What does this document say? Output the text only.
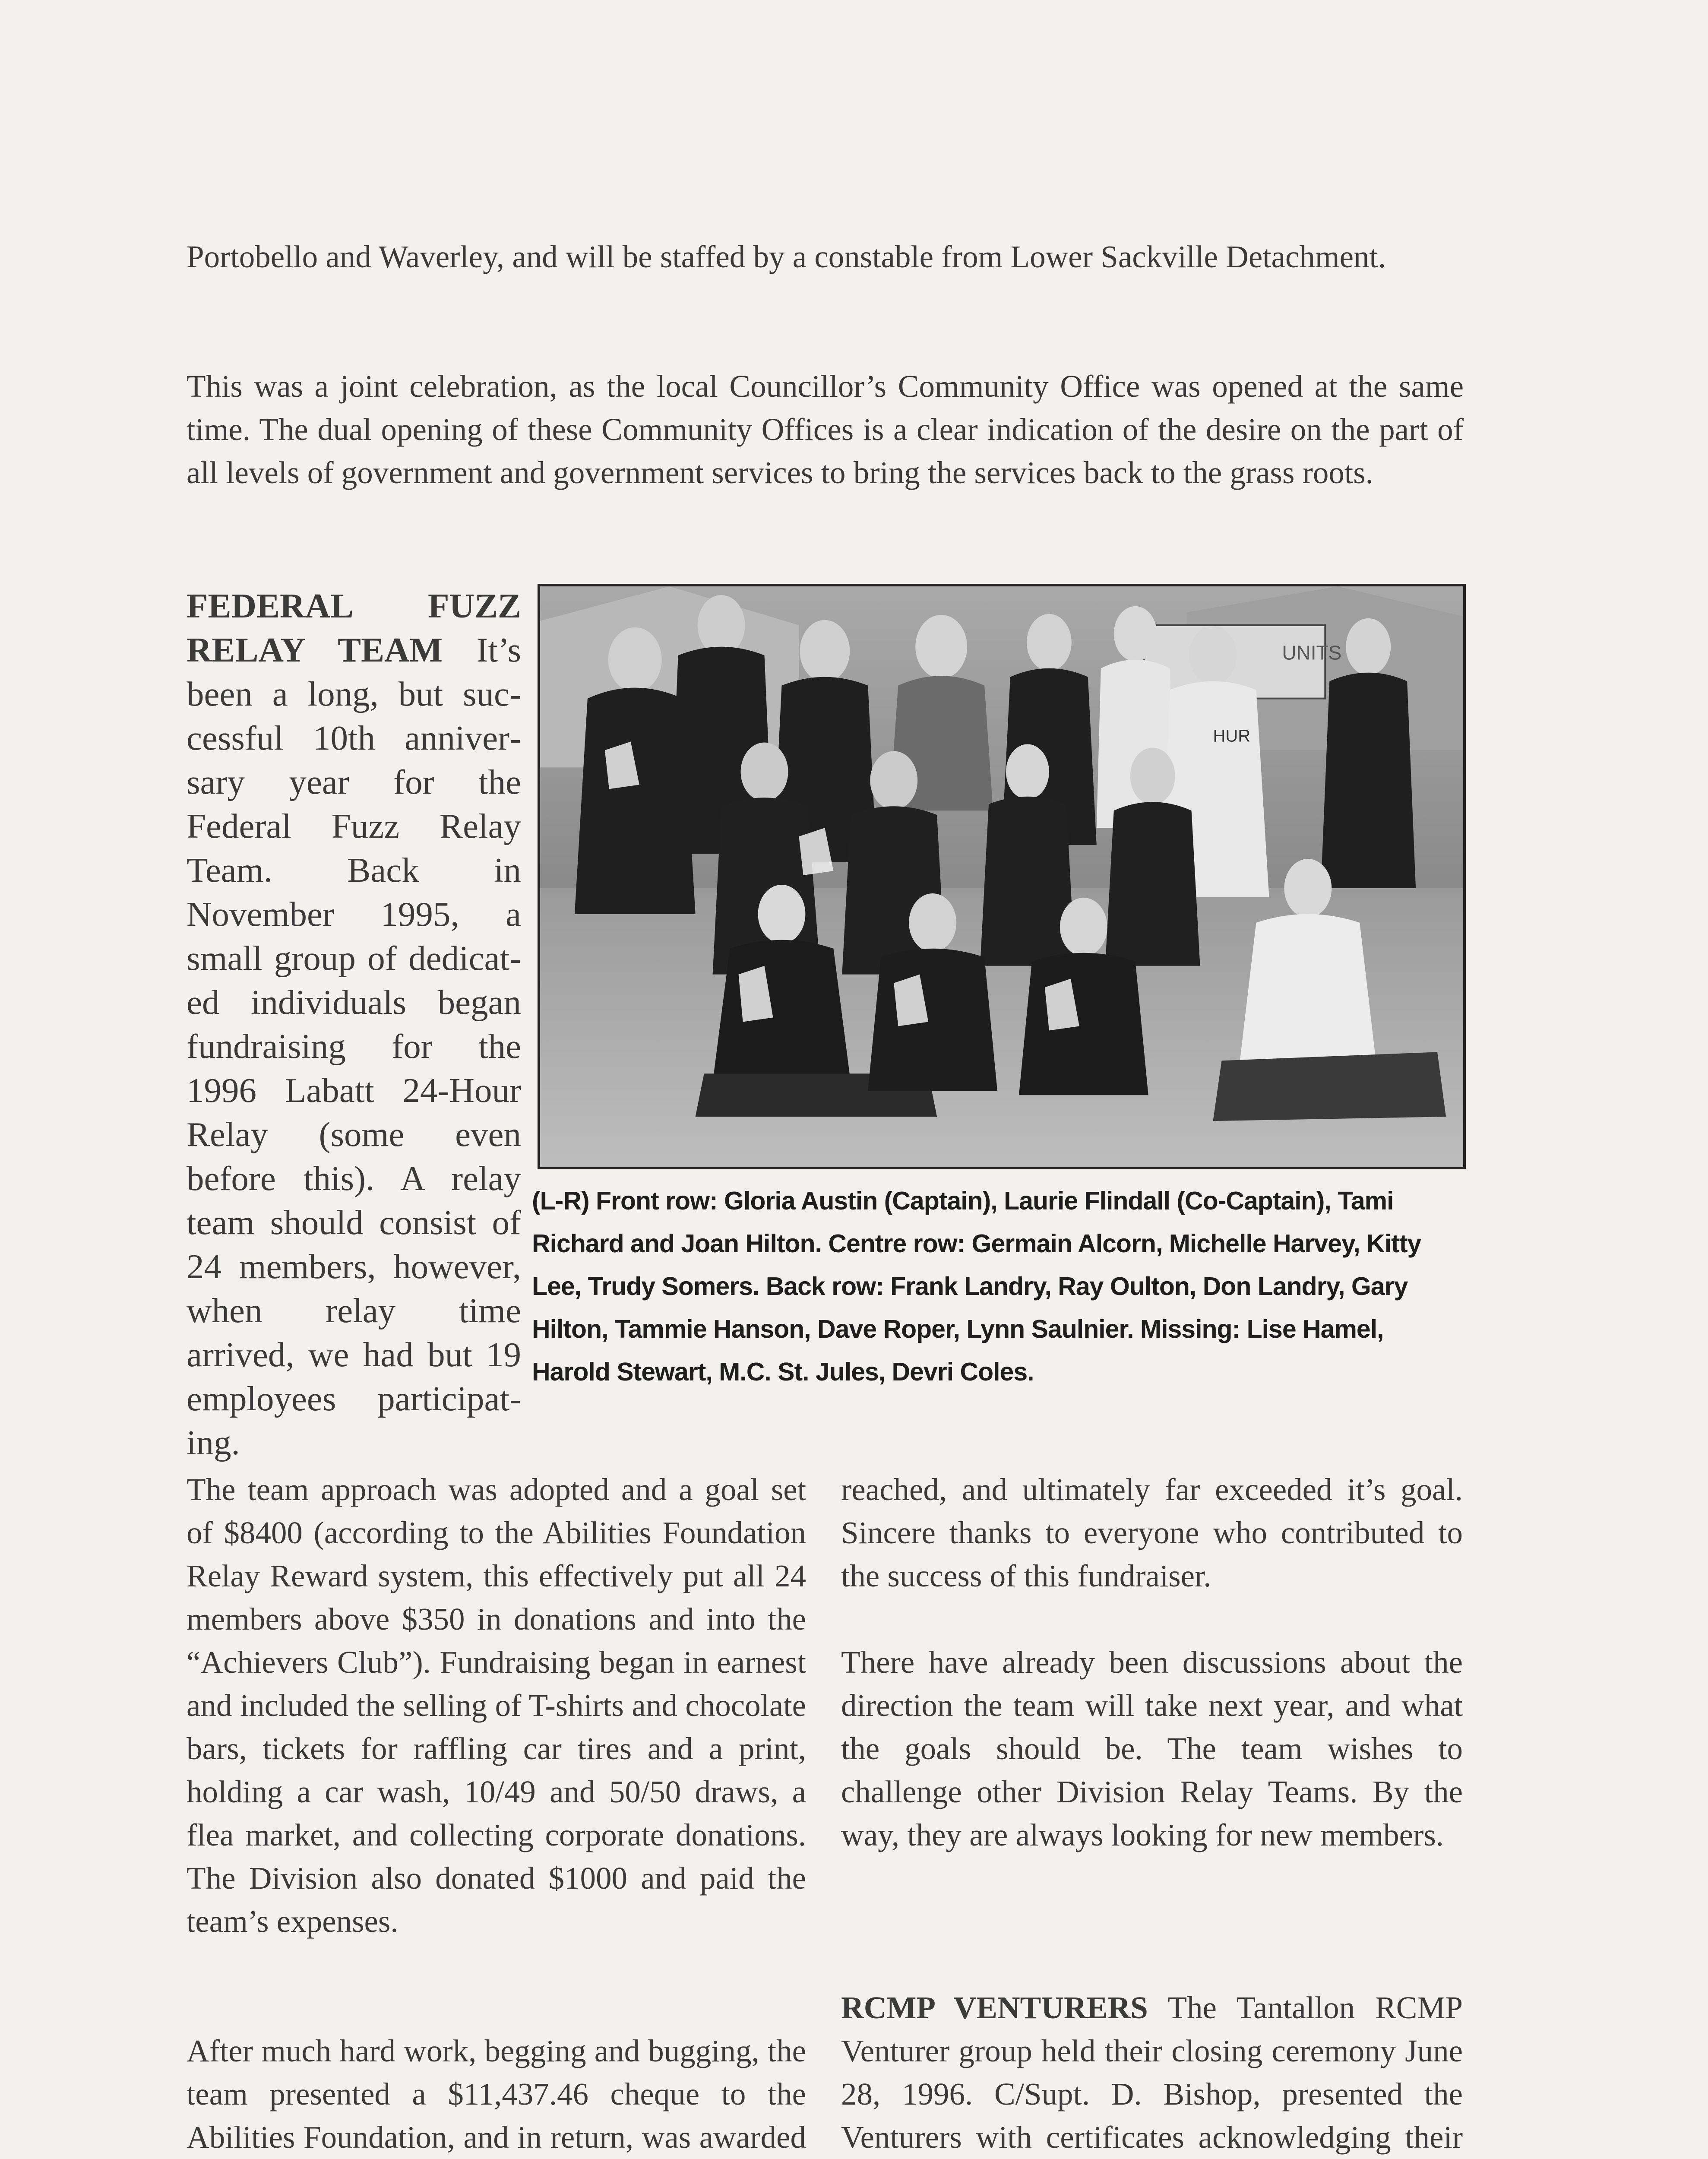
Portobello and Waverley, and will be staffed by a constable from Lower Sackville Detachment.

This was a joint celebration, as the local Councillor’s Community Office was opened at the same time. The dual opening of these Community Offices is a clear indication of the desire on the part of all levels of government and government services to bring the services back to the grass roots.

FEDERAL FUZZ RELAY TEAM It’s been a long, but successful 10th anniversary year for the Federal Fuzz Relay Team. Back in November 1995, a small group of dedicated individuals began fundraising for the 1996 Labatt 24-Hour Relay (some even before this). A relay team should consist of 24 members, however, when relay time arrived, we had but 19 employees participating.

UNITS
HUR

(L-R) Front row: Gloria Austin (Captain), Laurie Flindall (Co-Captain), Tami Richard and Joan Hilton. Centre row: Germain Alcorn, Michelle Harvey, Kitty Lee, Trudy Somers. Back row: Frank Landry, Ray Oulton, Don Landry, Gary Hilton, Tammie Hanson, Dave Roper, Lynn Saulnier. Missing: Lise Hamel, Harold Stewart, M.C. St. Jules, Devri Coles.

The team approach was adopted and a goal set of $8400 (according to the Abilities Foundation Relay Reward system, this effectively put all 24 members above $350 in donations and into the “Achievers Club”). Fundraising began in earnest and included the selling of T-shirts and chocolate bars, tickets for raffling car tires and a print, holding a car wash, 10/49 and 50/50 draws, a flea market, and collecting corporate donations. The Division also donated $1000 and paid the team’s expenses.

After much hard work, begging and bugging, the team presented a $11,437.46 cheque to the Abilities Foundation, and in return, was awarded

reached, and ultimately far exceeded it’s goal. Sincere thanks to everyone who contributed to the success of this fundraiser.

There have already been discussions about the direction the team will take next year, and what the goals should be. The team wishes to challenge other Division Relay Teams. By the way, they are always looking for new members.

RCMP VENTURERS The Tantallon RCMP Venturer group held their closing ceremony June 28, 1996. C/Supt. D. Bishop, presented the Venturers with certificates acknowledging their
